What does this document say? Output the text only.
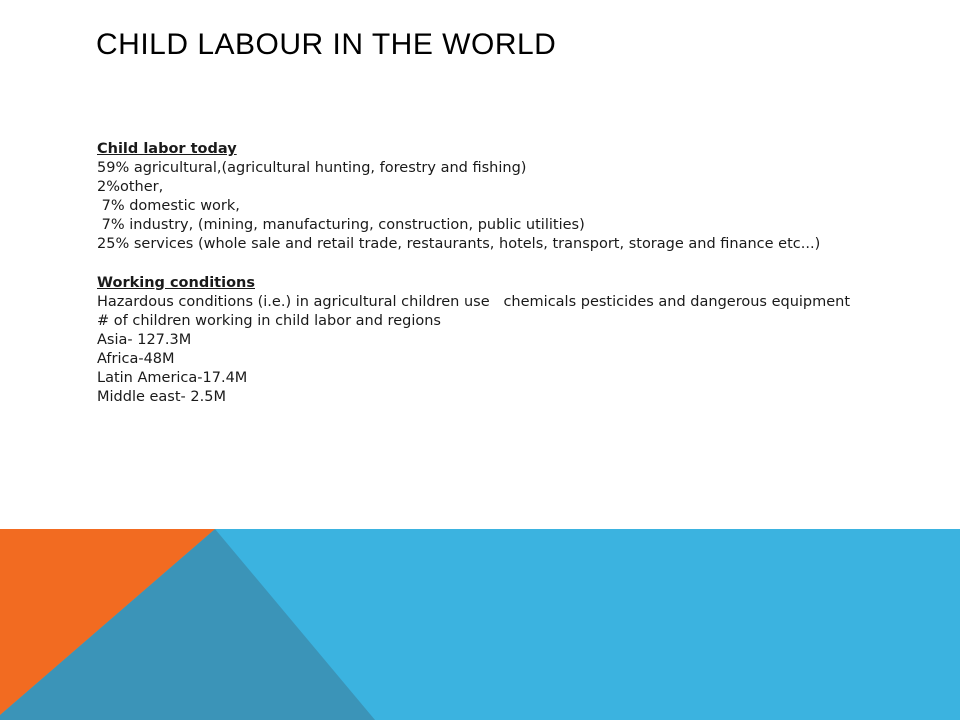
CHILD LABOUR IN THE WORLD
Child labor today
59% agricultural,(agricultural hunting, forestry and fishing)
2%other,
7% domestic work,
7% industry, (mining, manufacturing, construction, public utilities)
25% services (whole sale and retail trade, restaurants, hotels, transport, storage and finance etc...)
Working conditions
Hazardous conditions (i.e.) in agricultural children use   chemicals pesticides and dangerous equipment
# of children working in child labor and regions
Asia- 127.3M
Africa-48M
Latin America-17.4M
Middle east- 2.5M
